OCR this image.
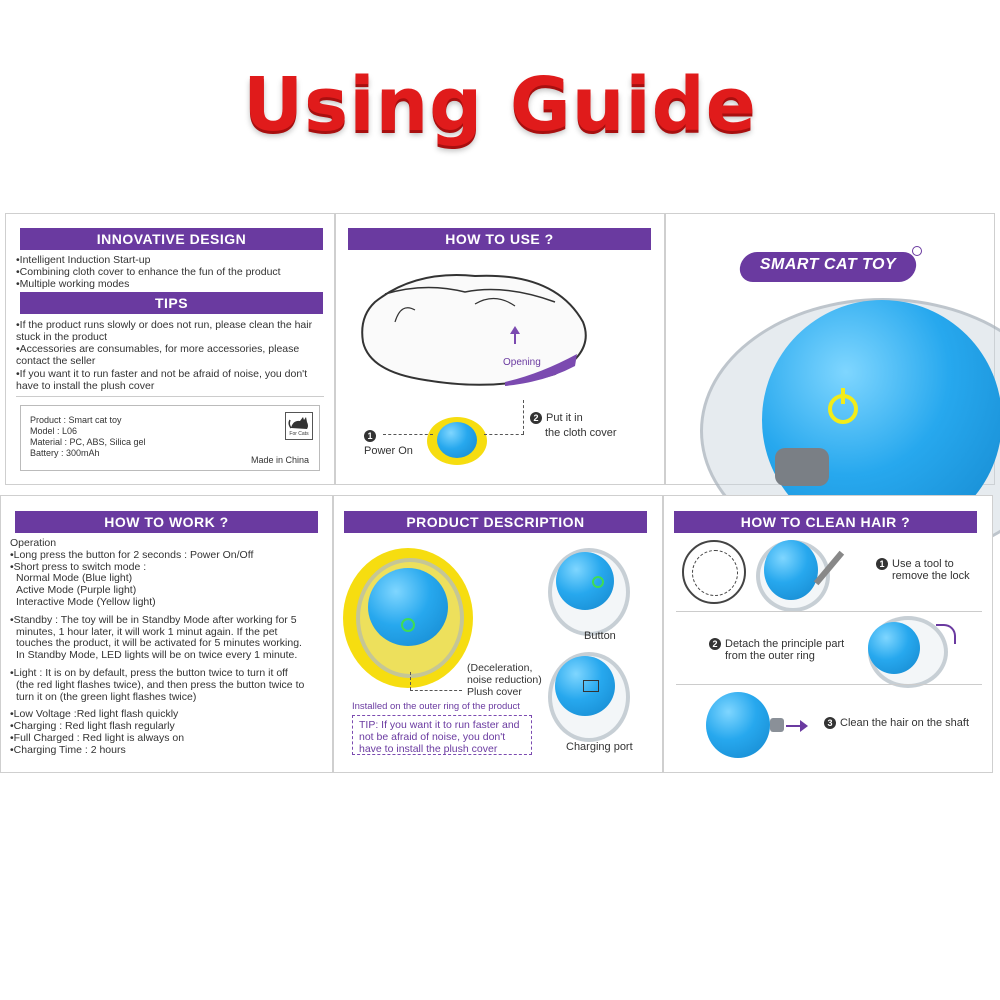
Using Guide
INNOVATIVE DESIGN
•Intelligent Induction Start-up
•Combining cloth cover to enhance the fun of the product
•Multiple working modes
TIPS
•If the product runs slowly or does not run, please clean the hair
stuck in the product
•Accessories are consumables, for more accessories, please
contact the seller
•If you want it to run faster and not be afraid of noise, you don't
have to install the plush cover
Product : Smart cat toy
Model : L06
Material : PC, ABS, Silica gel
Battery : 300mAh
For Cats
Made in China
HOW TO USE ?
Opening
1
Power On
2 Put it in
the cloth cover
SMART CAT TOY
HOW TO WORK ?
Operation
•Long press the button for 2 seconds : Power On/Off
•Short press to switch mode :
Normal Mode (Blue light)
Active Mode (Purple light)
Interactive Mode (Yellow light)
•Standby : The toy will be in Standby Mode after working for 5
minutes, 1 hour later, it will work 1 minut again. If the pet
touches the product, it will be activated for 5 minutes working.
In Standby Mode, LED lights will be on twice every 1 minute.
•Light : It is on by default, press the button twice to turn it off
(the red light flashes twice), and then press the button twice to
turn it on (the green light flashes twice)
•Low Voltage :Red light flash quickly
•Charging : Red light flash regularly
•Full Charged : Red light is always on
•Charging Time : 2 hours
PRODUCT DESCRIPTION
(Deceleration,
noise reduction)
Plush cover
Installed on the outer ring of the product
TIP: If you want it to run faster and not be afraid of noise, you don't have to install the plush cover
Button
Charging port
HOW TO CLEAN HAIR ?
1 Use a tool to
remove the lock
2 Detach the principle part
from the outer ring
3 Clean the hair on the shaft
